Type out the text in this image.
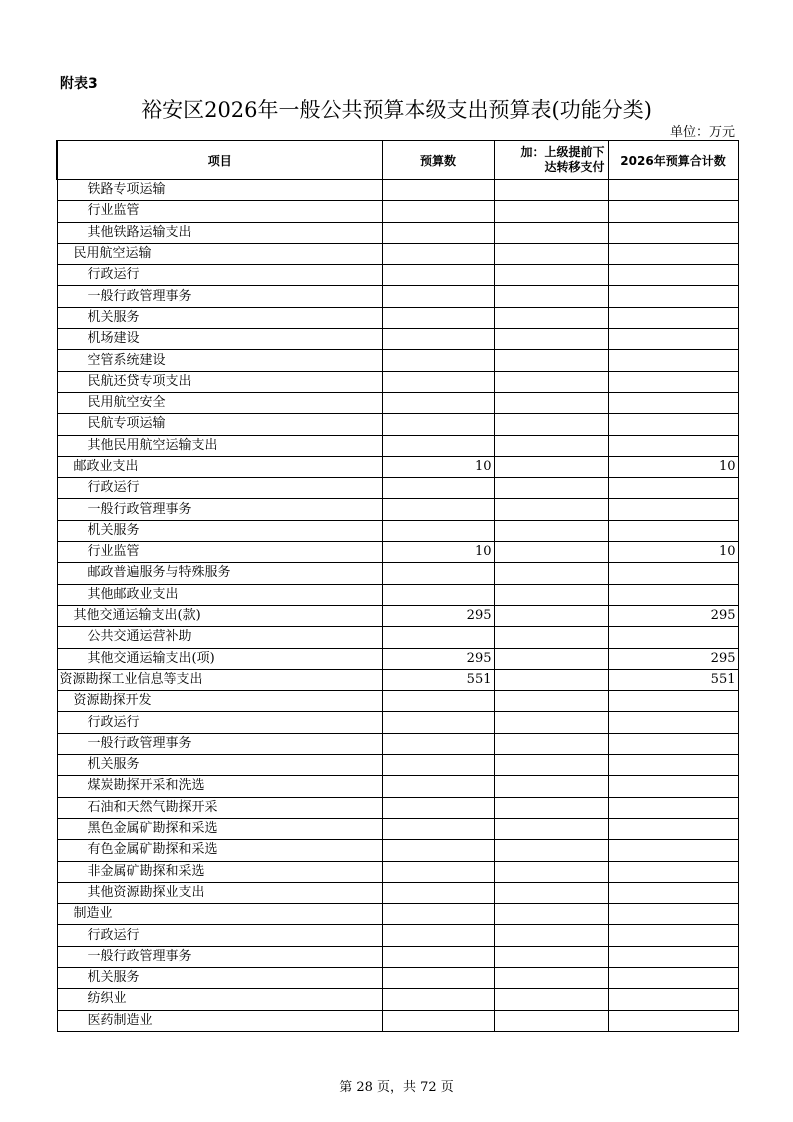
附表3
裕安区2026年一般公共预算本级支出预算表(功能分类)
单位：万元
项目	预算数	加：上级提前下
达转移支付	2026年预算合计数
铁路专项运输			
行业监管			
其他铁路运输支出			
民用航空运输			
行政运行			
一般行政管理事务			
机关服务			
机场建设			
空管系统建设			
民航还贷专项支出			
民用航空安全			
民航专项运输			
其他民用航空运输支出			
邮政业支出	10		10
行政运行			
一般行政管理事务			
机关服务			
行业监管	10		10
邮政普遍服务与特殊服务			
其他邮政业支出			
其他交通运输支出(款)	295		295
公共交通运营补助			
其他交通运输支出(项)	295		295
资源勘探工业信息等支出	551		551
资源勘探开发			
行政运行			
一般行政管理事务			
机关服务			
煤炭勘探开采和洗选			
石油和天然气勘探开采			
黑色金属矿勘探和采选			
有色金属矿勘探和采选			
非金属矿勘探和采选			
其他资源勘探业支出			
制造业			
行政运行			
一般行政管理事务			
机关服务			
纺织业			
医药制造业			
第 28 页，共 72 页
